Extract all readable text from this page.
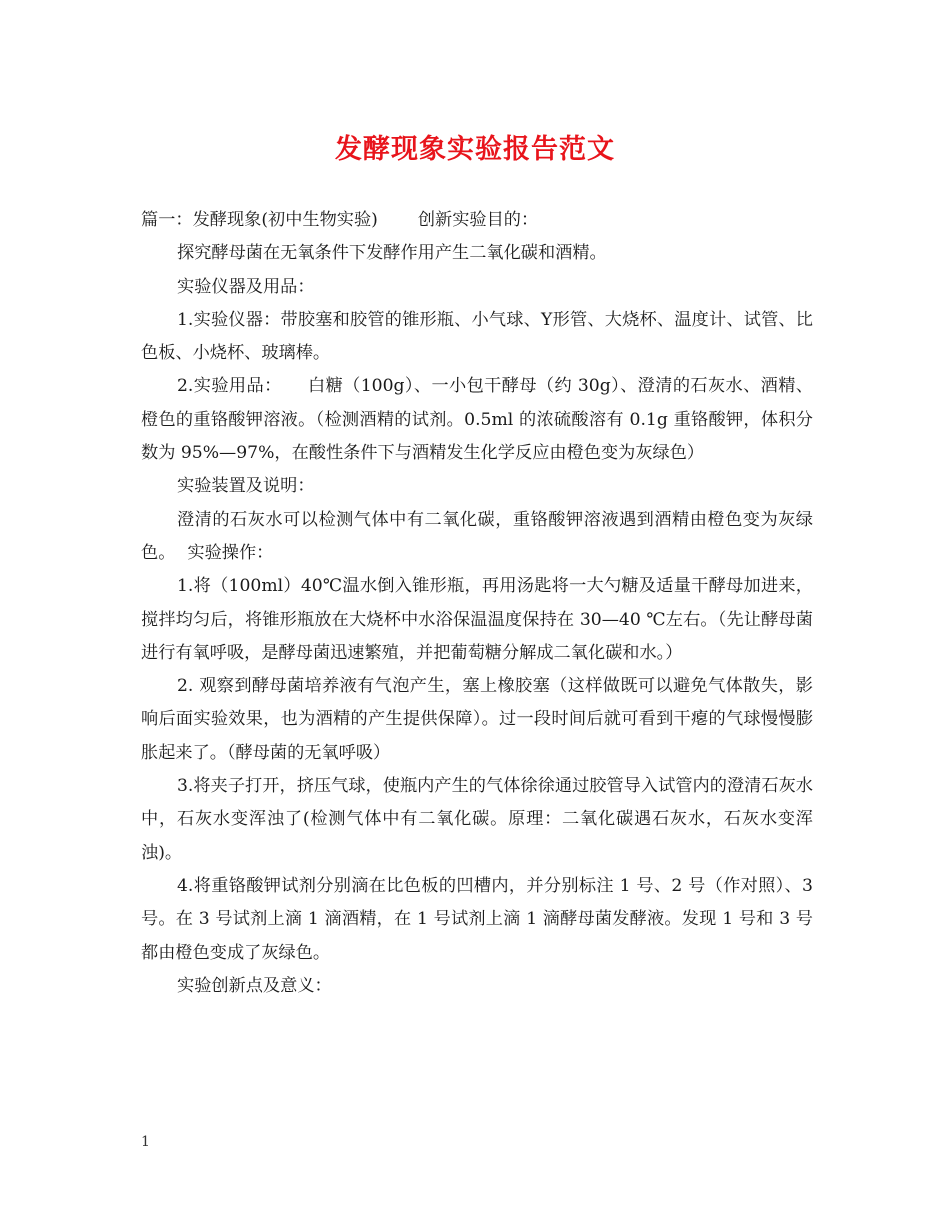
发酵现象实验报告范文

篇一：发酵现象(初中生物实验) 创新实验目的：

探究酵母菌在无氧条件下发酵作用产生二氧化碳和酒精。

实验仪器及用品：

1.实验仪器：带胶塞和胶管的锥形瓶、小气球、Y形管、大烧杯、温度计、试管、比色板、小烧杯、玻璃棒。

2.实验用品： 白糖（100g）、一小包干酵母（约 30g）、澄清的石灰水、酒精、橙色的重铬酸钾溶液。（检测酒精的试剂。0.5ml 的浓硫酸溶有 0.1g 重铬酸钾，体积分数为 95%—97%，在酸性条件下与酒精发生化学反应由橙色变为灰绿色）

实验装置及说明：

澄清的石灰水可以检测气体中有二氧化碳，重铬酸钾溶液遇到酒精由橙色变为灰绿色。 实验操作：

1.将（100ml）40℃温水倒入锥形瓶，再用汤匙将一大勺糖及适量干酵母加进来，搅拌均匀后，将锥形瓶放在大烧杯中水浴保温温度保持在 30—40 ℃左右。（先让酵母菌进行有氧呼吸，是酵母菌迅速繁殖，并把葡萄糖分解成二氧化碳和水。）

2. 观察到酵母菌培养液有气泡产生，塞上橡胶塞（这样做既可以避免气体散失，影响后面实验效果，也为酒精的产生提供保障）。过一段时间后就可看到干瘪的气球慢慢膨胀起来了。（酵母菌的无氧呼吸）

3.将夹子打开，挤压气球，使瓶内产生的气体徐徐通过胶管导入试管内的澄清石灰水中，石灰水变浑浊了(检测气体中有二氧化碳。原理：二氧化碳遇石灰水，石灰水变浑浊)。

4.将重铬酸钾试剂分别滴在比色板的凹槽内，并分别标注 1 号、2 号（作对照）、3 号。在 3 号试剂上滴 1 滴酒精，在 1 号试剂上滴 1 滴酵母菌发酵液。发现 1 号和 3 号都由橙色变成了灰绿色。

实验创新点及意义：

1
